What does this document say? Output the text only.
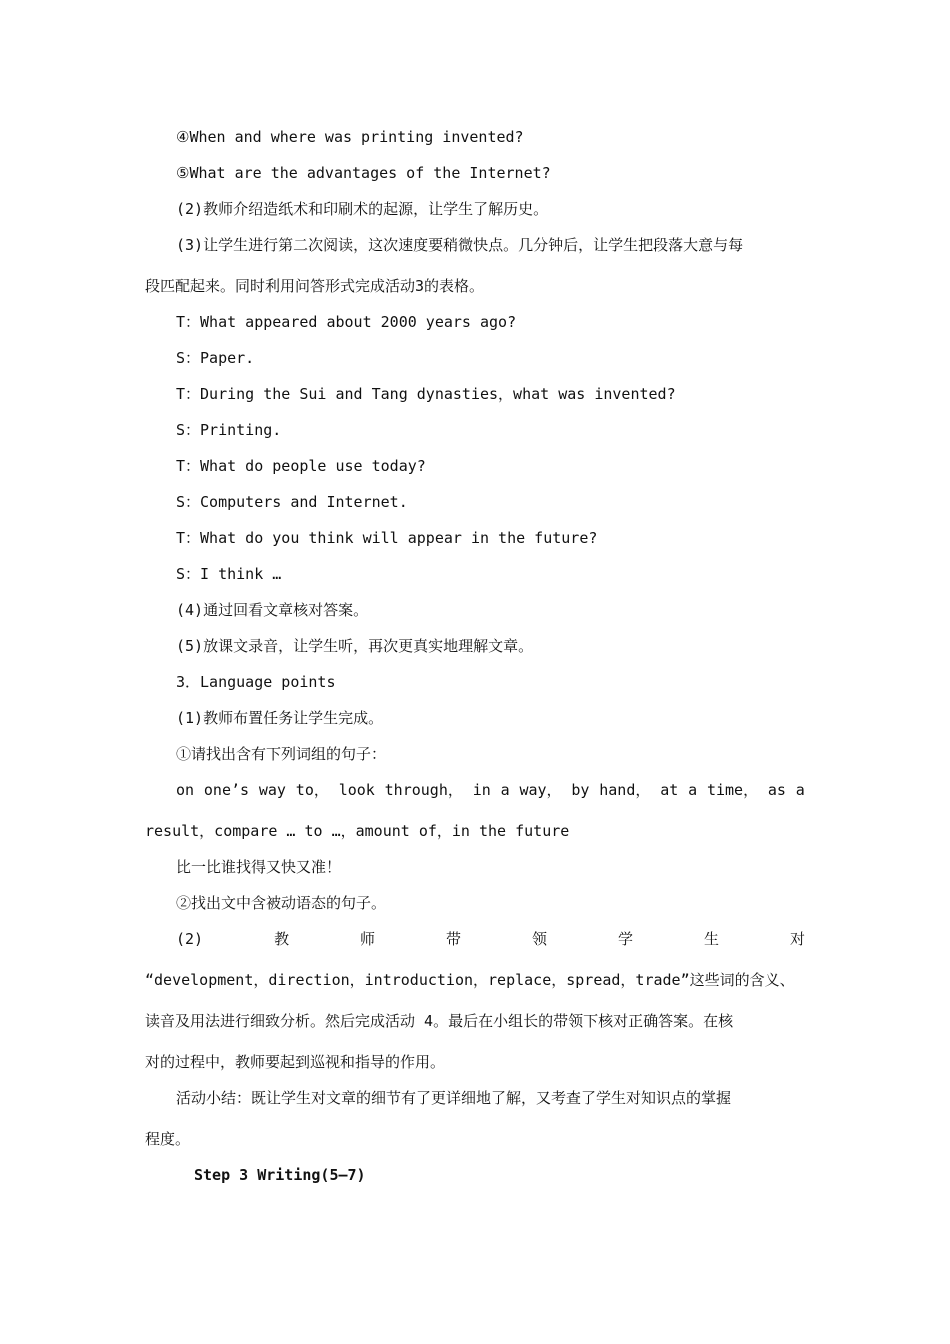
④When and where was printing invented?
⑤What are the advantages of the Internet?
(2)教师介绍造纸术和印刷术的起源，让学生了解历史。
(3)让学生进行第二次阅读，这次速度要稍微快点。几分钟后，让学生把段落大意与每
段匹配起来。同时利用问答形式完成活动3的表格。
T：What appeared about 2000 years ago?
S：Paper.
T：During the Sui and Tang dynasties，what was invented?
S：Printing.
T：What do people use today?
S：Computers and Internet.
T：What do you think will appear in the future?
S：I think …
(4)通过回看文章核对答案。
(5)放课文录音，让学生听，再次更真实地理解文章。
3．Language points
(1)教师布置任务让学生完成。
①请找出含有下列词组的句子：
on one’s way to， look through， in a way， by hand， at a time， as a
result，compare … to …，amount of，in the future
比一比谁找得又快又准！
②找出文中含被动语态的句子。
(2)	教	师	带	领	学	生	对
“development，direction，introduction，replace，spread，trade”这些词的含义、
读音及用法进行细致分析。然后完成活动 4。最后在小组长的带领下核对正确答案。在核
对的过程中，教师要起到巡视和指导的作用。
活动小结：既让学生对文章的细节有了更详细地了解，又考查了学生对知识点的掌握
程度。
Step 3 Writing(5—7)
